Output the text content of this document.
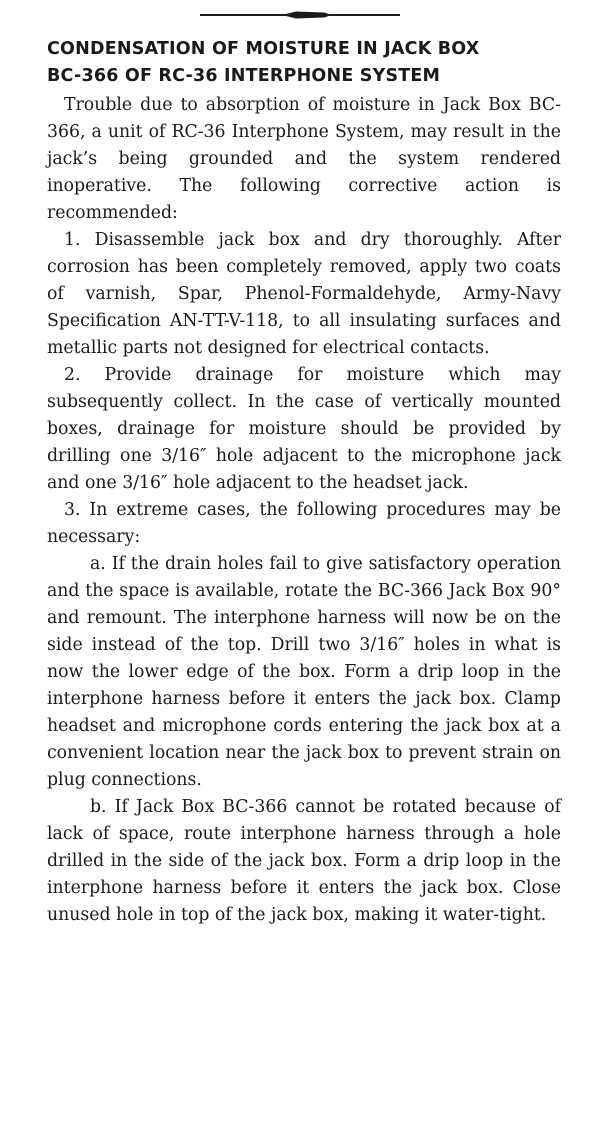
CONDENSATION OF MOISTURE IN JACK BOX
BC-366 OF RC-36 INTERPHONE SYSTEM

Trouble due to absorption of moisture in Jack Box BC-366, a unit of RC-36 Interphone System, may result in the jack’s being grounded and the system rendered inoperative. The following corrective action is recommended:

1. Disassemble jack box and dry thoroughly. After corrosion has been completely removed, apply two coats of varnish, Spar, Phenol-Formaldehyde, Army-Navy Specification AN-TT-V-118, to all insulating surfaces and metallic parts not designed for electrical contacts.

2. Provide drainage for moisture which may subsequently collect. In the case of vertically mounted boxes, drainage for moisture should be provided by drilling one 3/16″ hole adjacent to the microphone jack and one 3/16″ hole adjacent to the headset jack.

3. In extreme cases, the following procedures may be necessary:

a. If the drain holes fail to give satisfactory operation and the space is available, rotate the BC-366 Jack Box 90° and remount. The interphone harness will now be on the side instead of the top. Drill two 3/16″ holes in what is now the lower edge of the box. Form a drip loop in the interphone harness before it enters the jack box. Clamp headset and microphone cords entering the jack box at a convenient location near the jack box to prevent strain on plug connections.

b. If Jack Box BC-366 cannot be rotated because of lack of space, route interphone harness through a hole drilled in the side of the jack box. Form a drip loop in the interphone harness before it enters the jack box. Close unused hole in top of the jack box, making it water-tight.
